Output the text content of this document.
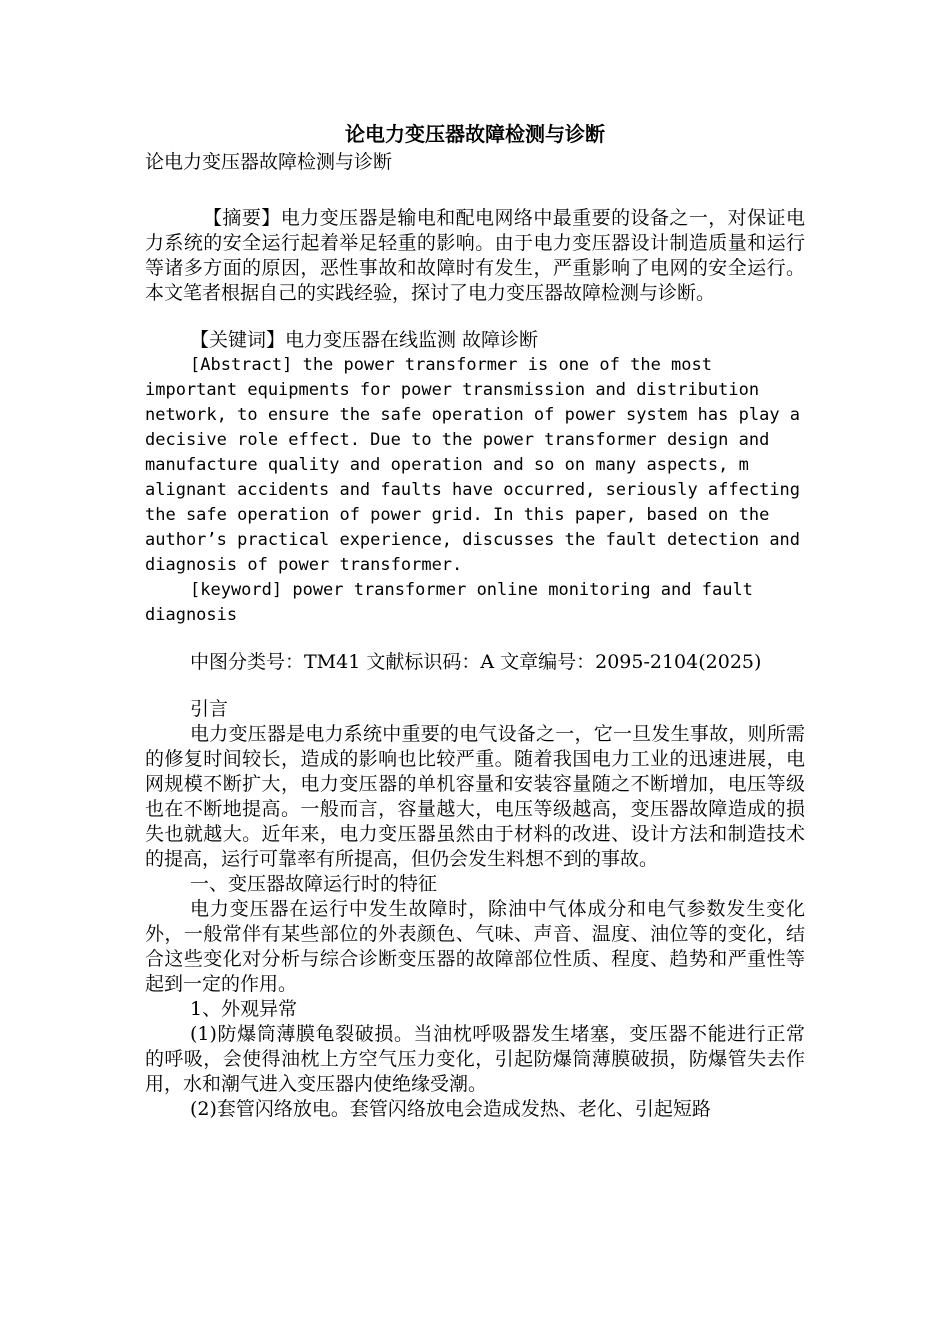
论电力变压器故障检测与诊断

论电力变压器故障检测与诊断

【摘要】电力变压器是输电和配电网络中最重要的设备之一，对保证电力系统的安全运行起着举足轻重的影响。由于电力变压器设计制造质量和运行等诸多方面的原因，恶性事故和故障时有发生，严重影响了电网的安全运行。本文笔者根据自己的实践经验，探讨了电力变压器故障检测与诊断。

【关键词】电力变压器在线监测 故障诊断

[Abstract] the power transformer is one of the most important equipments for power transmission and distribution network, to ensure the safe operation of power system has play a decisive role effect. Due to the power transformer design and manufacture quality and operation and so on many aspects, m alignant accidents and faults have occurred, seriously affecting the safe operation of power grid. In this paper, based on the author’s practical experience, discusses the fault detection and diagnosis of power transformer.

[keyword] power transformer online monitoring and fault diagnosis

中图分类号：TM41 文献标识码：A 文章编号：2095-2104(2025)

引言

电力变压器是电力系统中重要的电气设备之一，它一旦发生事故，则所需的修复时间较长，造成的影响也比较严重。随着我国电力工业的迅速进展，电网规模不断扩大，电力变压器的单机容量和安装容量随之不断增加，电压等级也在不断地提高。一般而言，容量越大，电压等级越高，变压器故障造成的损失也就越大。近年来，电力变压器虽然由于材料的改进、设计方法和制造技术的提高，运行可靠率有所提高，但仍会发生料想不到的事故。

一、变压器故障运行时的特征

电力变压器在运行中发生故障时，除油中气体成分和电气参数发生变化外，一般常伴有某些部位的外表颜色、气味、声音、温度、油位等的变化，结合这些变化对分析与综合诊断变压器的故障部位性质、程度、趋势和严重性等起到一定的作用。

1、外观异常

(1)防爆筒薄膜龟裂破损。当油枕呼吸器发生堵塞，变压器不能进行正常的呼吸，会使得油枕上方空气压力变化，引起防爆筒薄膜破损，防爆管失去作用，水和潮气进入变压器内使绝缘受潮。

(2)套管闪络放电。套管闪络放电会造成发热、老化、引起短路
